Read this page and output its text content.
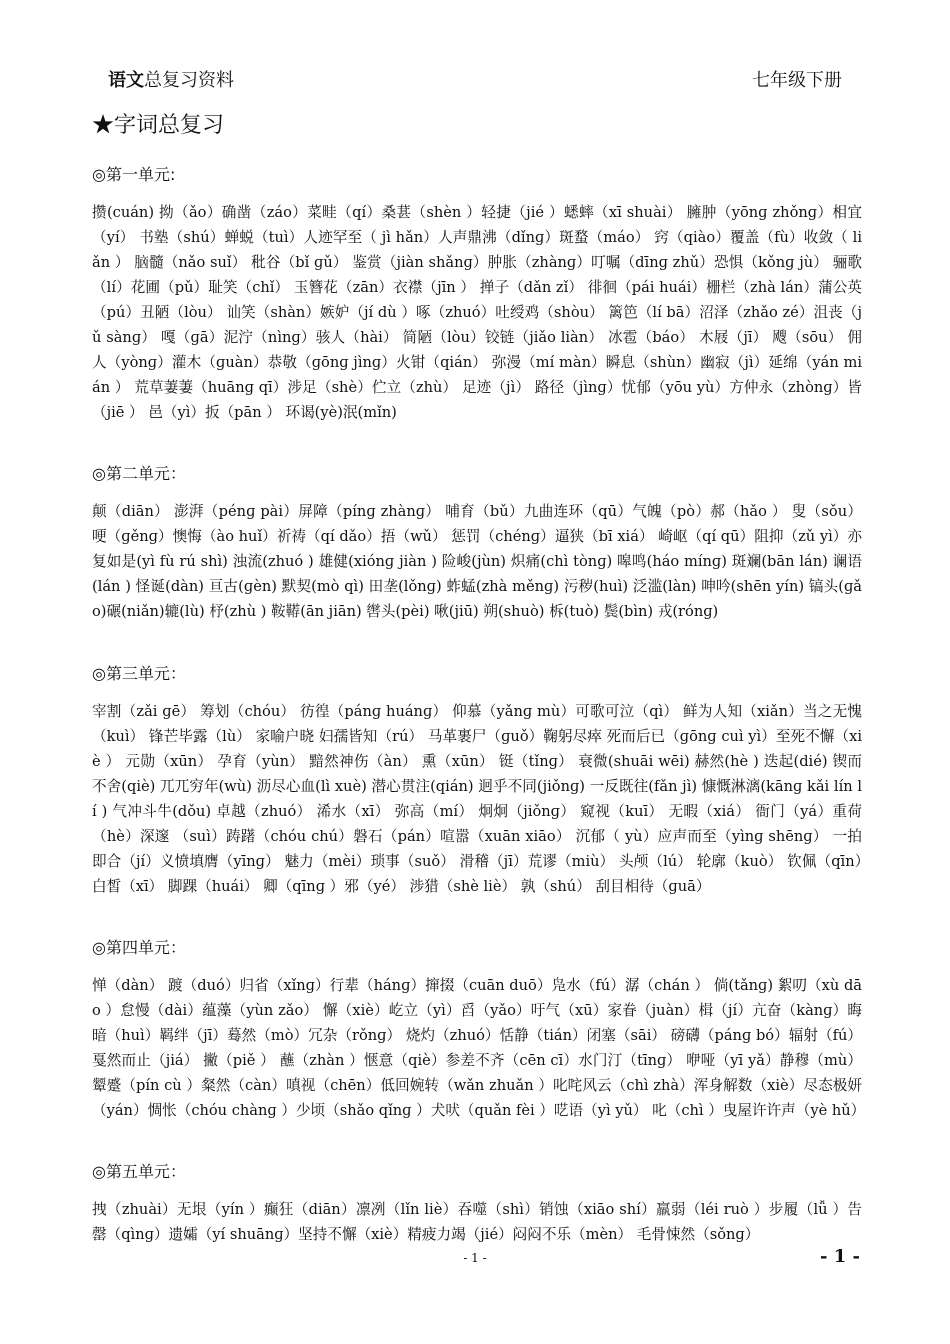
语文总复习资料	七年级下册
★字词总复习
◎第一单元:
攒(cuán) 拗（ǎo）确凿（záo）菜畦（qí）桑葚（shèn ）轻捷（jié ）蟋蟀（xī shuài） 臃肿（yōnɡ zhǒnɡ）相宜（yí） 书塾（shú）蝉蜕（tuì）人迹罕至（ jì hǎn）人声鼎沸（dǐnɡ）斑蝥（máo） 窍（qiào）覆盖（fù）收敛（ liǎn ） 脑髓（nǎo suǐ） 秕谷（bǐ ɡǔ） 鉴赏（jiàn shǎnɡ）肿胀（zhànɡ）叮嘱（dīnɡ zhǔ）恐惧（kǒnɡ jù） 骊歌（lí）花圃（pǔ）耻笑（chǐ） 玉簪花（zān）衣襟（jīn ） 掸子（dǎn zǐ） 徘徊（pái huái）栅栏（zhà lán）蒲公英（pú）丑陋（lòu） 讪笑（shàn）嫉妒（jí dù ）啄（zhuó）吐绶鸡（shòu） 篱笆（lí bā）沼泽（zhǎo zé）沮丧（jǔ sànɡ） 嘎（ɡā）泥泞（nìnɡ）骇人（hài） 简陋（lòu）铰链（jiǎo liàn） 冰雹（báo） 木屐（jī） 飕（sōu） 佣人（yònɡ）灌木（ɡuàn）恭敬（ɡōnɡ jìnɡ）火钳（qián） 弥漫（mí màn）瞬息（shùn）幽寂（jì）延绵（yán mián ） 荒草萋萋（huānɡ qī）涉足（shè）伫立（zhù） 足迹（jì） 路径（jìnɡ）忧郁（yōu yù）方仲永（zhònɡ）皆（jiē ） 邑（yì）扳（pān ） 环谒(yè)泯(mǐn)
◎第二单元：
颠（diān） 澎湃（pénɡ pài）屏障（pínɡ zhànɡ） 哺育（bǔ）九曲连环（qū）气魄（pò）郝（hǎo ） 叟（sǒu） 哽（ɡěnɡ）懊悔（ào huǐ）祈祷（qí dǎo）捂（wǔ） 惩罚（chénɡ）逼狭（bī xiá） 崎岖（qí qū）阻抑（zǔ yì）亦复如是(yì fù rú shì) 浊流(zhuó ) 雄健(xiónɡ jiàn ) 险峻(jùn) 炽痛(chì tònɡ) 嗥鸣(háo mínɡ) 斑斓(bān lán) 谰语(lán ) 怪诞(dàn) 亘古(ɡèn) 默契(mò qì) 田垄(lǒnɡ) 蚱蜢(zhà měnɡ) 污秽(huì) 泛滥(làn) 呻吟(shēn yín) 镐头(ɡǎo)碾(niǎn)辘(lù) 杼(zhù ) 鞍鞯(ān jiān) 辔头(pèi) 啾(jiū) 朔(shuò) 柝(tuò) 鬓(bìn) 戎(rónɡ)
◎第三单元：
宰割（zǎi ɡē） 筹划（chóu） 彷徨（pánɡ huánɡ） 仰慕（yǎnɡ mù）可歌可泣（qì） 鲜为人知（xiǎn）当之无愧（kuì） 锋芒毕露（lù） 家喻户晓 妇孺皆知（rú） 马革裹尸（ɡuǒ）鞠躬尽瘁 死而后已（ɡōnɡ cuì yì）至死不懈（xiè ） 元勋（xūn） 孕育（yùn） 黯然神伤（àn） 熏（xūn） 铤（tǐnɡ） 衰微(shuāi wēi) 赫然(hè ) 迭起(dié) 锲而不舍(qiè) 兀兀穷年(wù) 沥尽心血(lì xuè) 潜心贯注(qián) 迥乎不同(jiǒnɡ) 一反既往(fǎn jì) 慷慨淋漓(kānɡ kǎi lín lí ) 气冲斗牛(dǒu) 卓越（zhuó） 浠水（xī） 弥高（mí） 炯炯（jiǒnɡ） 窥视（kuī） 无暇（xiá） 衙门（yá）重荷（hè）深邃 （suì）踌躇（chóu chú）磐石（pán）喧嚣（xuān xiāo） 沉郁（ yù）应声而至（yìnɡ shēnɡ） 一拍即合（jí）义愤填膺（yīnɡ） 魅力（mèi）琐事（suǒ） 滑稽（jī）荒谬（miù） 头颅（lú） 轮廓（kuò） 钦佩（qīn）白皙（xī） 脚踝（huái） 卿（qīnɡ ）邪（yé） 涉猎（shè liè） 孰（shú） 刮目相待（ɡuā）
◎第四单元：
惮（dàn） 踱（duó）归省（xǐnɡ）行辈（hánɡ）撺掇（cuān duō）凫水（fú）潺（chán ） 倘(tǎnɡ) 絮叨（xù dāo ）怠慢（dài）蕴藻（yùn zǎo） 懈（xiè）屹立（yì）舀（yǎo）吁气（xū）家眷（juàn）楫（jí）亢奋（kànɡ）晦暗（huì）羁绊（jī）蓦然（mò）冗杂（rǒnɡ） 烧灼（zhuó）恬静（tián）闭塞（sāi） 磅礴（pánɡ bó）辐射（fú） 戛然而止（jiá） 撇（piě ） 蘸（zhàn ）惬意（qiè）参差不齐（cēn cī）水门汀（tīnɡ） 咿哑（yī yǎ）静穆（mù） 颦蹙（pín cù ）粲然（càn）嗔视（chēn）低回婉转（wǎn zhuǎn ）叱咤风云（chì zhà）浑身解数（xiè）尽态极妍（yán）惆怅（chóu chànɡ ）少顷（shǎo qǐnɡ ）犬吠（quǎn fèi ）呓语（yì yǔ） 叱（chì ）曳屋许许声（yè hǔ）
◎第五单元：
拽（zhuài）无垠（yín ）癫狂（diān）凛冽（lǐn liè）吞噬（shì）销蚀（xiāo shí）羸弱（léi ruò ）步履（lǚ ）告罄（qìnɡ）遗孀（yí shuānɡ）坚持不懈（xiè）精疲力竭（jié）闷闷不乐（mèn） 毛骨悚然（sǒnɡ）
- 1 -	- 1 -
